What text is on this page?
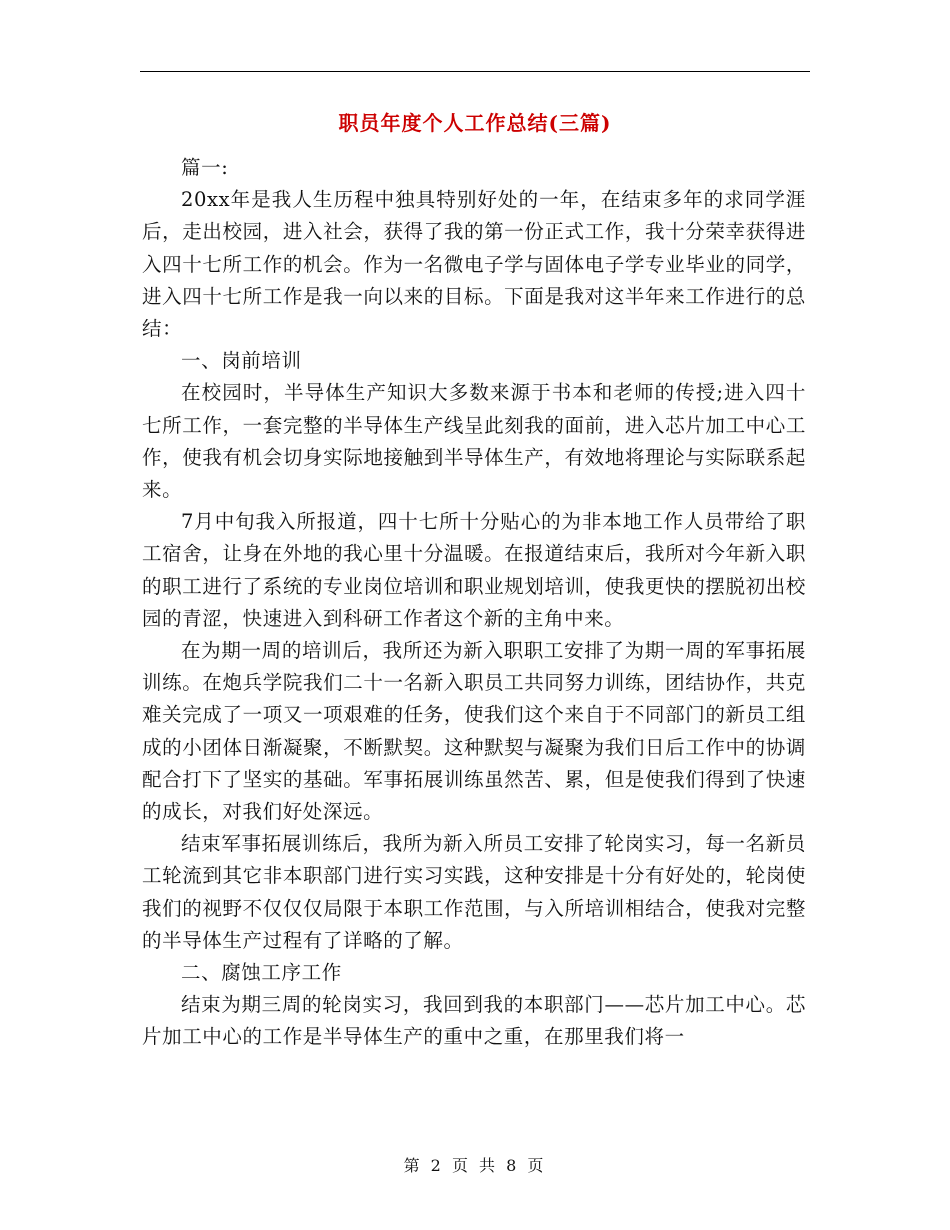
职员年度个人工作总结(三篇)

篇一:

20xx年是我人生历程中独具特别好处的一年，在结束多年的求同学涯后，走出校园，进入社会，获得了我的第一份正式工作，我十分荣幸获得进入四十七所工作的机会。作为一名微电子学与固体电子学专业毕业的同学，进入四十七所工作是我一向以来的目标。下面是我对这半年来工作进行的总结：

一、岗前培训

在校园时，半导体生产知识大多数来源于书本和老师的传授;进入四十七所工作，一套完整的半导体生产线呈此刻我的面前，进入芯片加工中心工作，使我有机会切身实际地接触到半导体生产，有效地将理论与实际联系起来。

7月中旬我入所报道，四十七所十分贴心的为非本地工作人员带给了职工宿舍，让身在外地的我心里十分温暖。在报道结束后，我所对今年新入职的职工进行了系统的专业岗位培训和职业规划培训，使我更快的摆脱初出校园的青涩，快速进入到科研工作者这个新的主角中来。

在为期一周的培训后，我所还为新入职职工安排了为期一周的军事拓展训练。在炮兵学院我们二十一名新入职员工共同努力训练，团结协作，共克难关完成了一项又一项艰难的任务，使我们这个来自于不同部门的新员工组成的小团体日渐凝聚，不断默契。这种默契与凝聚为我们日后工作中的协调配合打下了坚实的基础。军事拓展训练虽然苦、累，但是使我们得到了快速的成长，对我们好处深远。

结束军事拓展训练后，我所为新入所员工安排了轮岗实习，每一名新员工轮流到其它非本职部门进行实习实践，这种安排是十分有好处的，轮岗使我们的视野不仅仅仅局限于本职工作范围，与入所培训相结合，使我对完整的半导体生产过程有了详略的了解。

二、腐蚀工序工作

结束为期三周的轮岗实习，我回到我的本职部门——芯片加工中心。芯片加工中心的工作是半导体生产的重中之重，在那里我们将一

第 2 页 共 8 页
